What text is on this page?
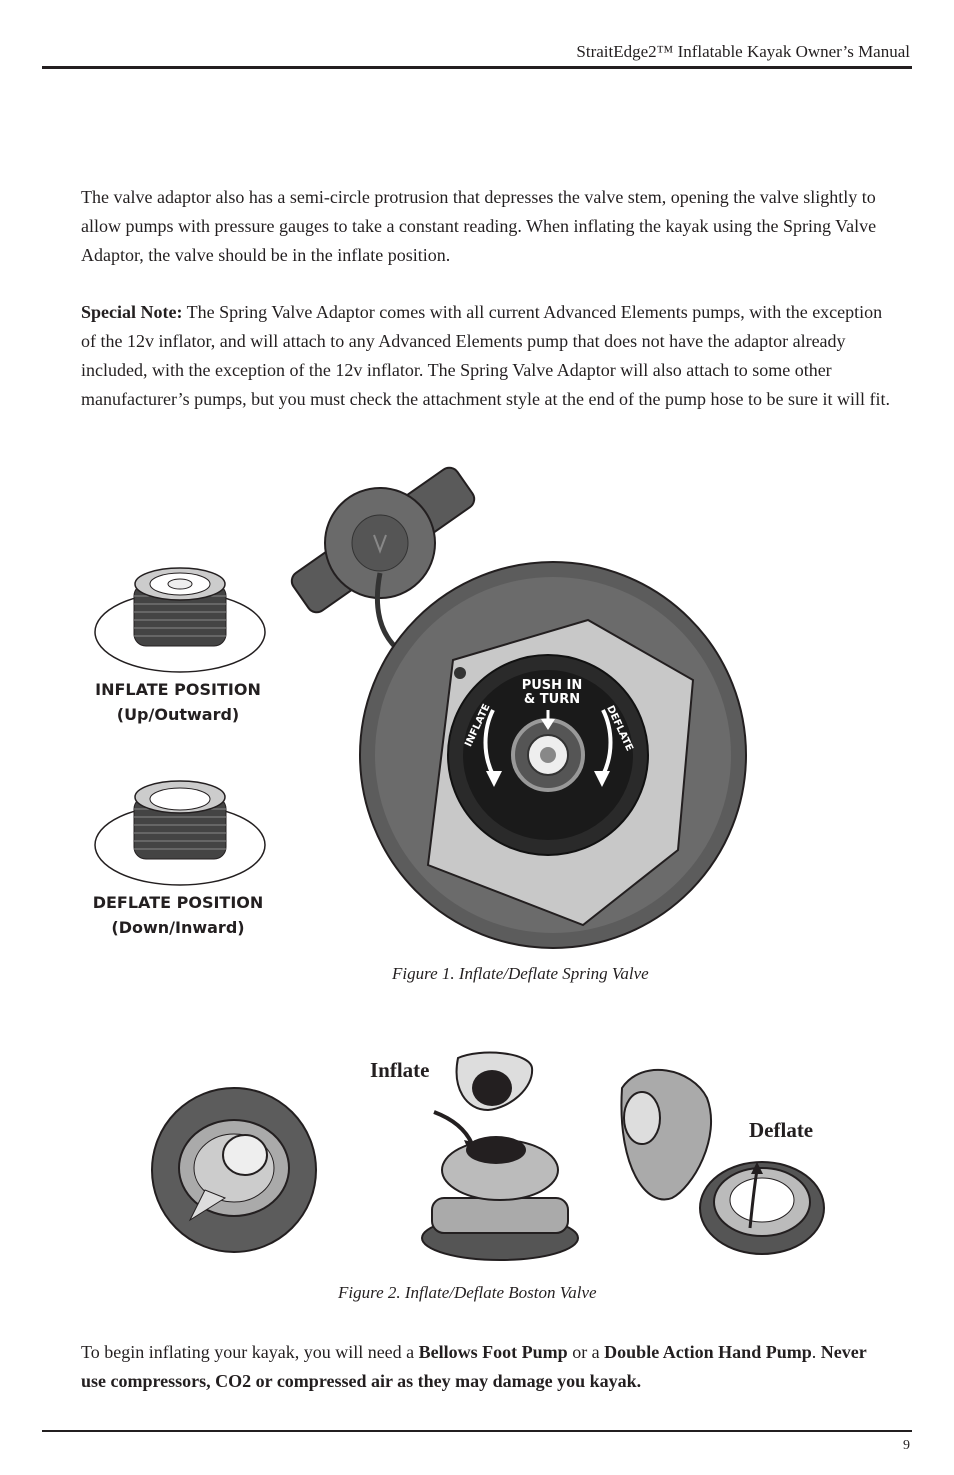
StraitEdge2™ Inflatable Kayak Owner’s Manual

The valve adaptor also has a semi-circle protrusion that depresses the valve stem, opening the valve slightly to allow pumps with pressure gauges to take a constant reading. When inflating the kayak using the Spring Valve Adaptor, the valve should be in the inflate position.

Special Note: The Spring Valve Adaptor comes with all current Advanced Elements pumps, with the exception of the 12v inflator, and will attach to any Advanced Elements pump that does not have the adaptor already included, with the exception of the 12v inflator. The Spring Valve Adaptor will also attach to some other manufacturer’s pumps, but you must check the attachment style at the end of the pump hose to be sure it will fit.

INFLATE POSITION
(Up/Outward)
DEFLATE POSITION
(Down/Inward)
PUSH IN
& TURN
INFLATE	DEFLATE
Figure 1. Inflate/Deflate Spring Valve
Inflate
Deflate
Figure 2. Inflate/Deflate Boston Valve

To begin inflating your kayak, you will need a Bellows Foot Pump or a Double Action Hand Pump. Never use compressors, CO2 or compressed air as they may damage you kayak.

9
